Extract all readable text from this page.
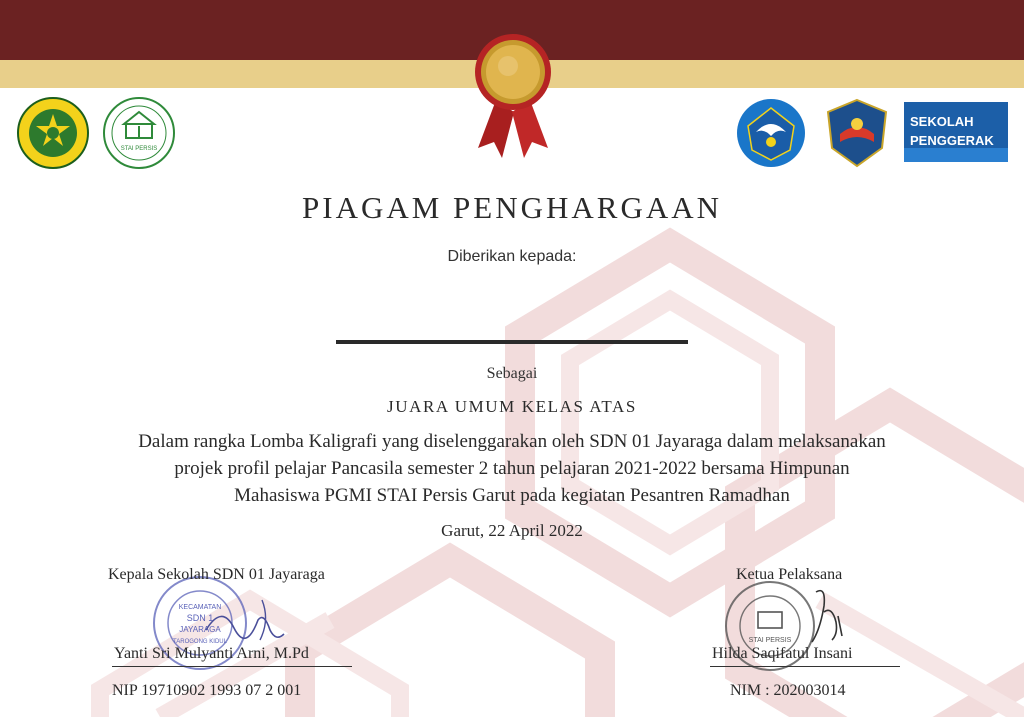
STAI PERSIS
SEKOLAH
PENGGERAK
PIAGAM PENGHARGAAN
Diberikan kepada:
Sebagai
JUARA UMUM KELAS ATAS
Dalam rangka Lomba Kaligrafi yang diselenggarakan oleh SDN 01 Jayaraga dalam melaksanakan
projek profil pelajar Pancasila semester 2 tahun pelajaran 2021-2022 bersama Himpunan
Mahasiswa PGMI STAI Persis Garut pada kegiatan Pesantren Ramadhan
Garut, 22 April 2022
KECAMATAN
SDN 1
JAYARAGA
TAROGONG KIDUL
Kepala Sekolah SDN 01 Jayaraga
Yanti Sri Mulyanti Arni, M.Pd
NIP 19710902 1993 07 2 001
STAI PERSIS
Ketua Pelaksana
Hilda Saqifatul Insani
NIM : 202003014
